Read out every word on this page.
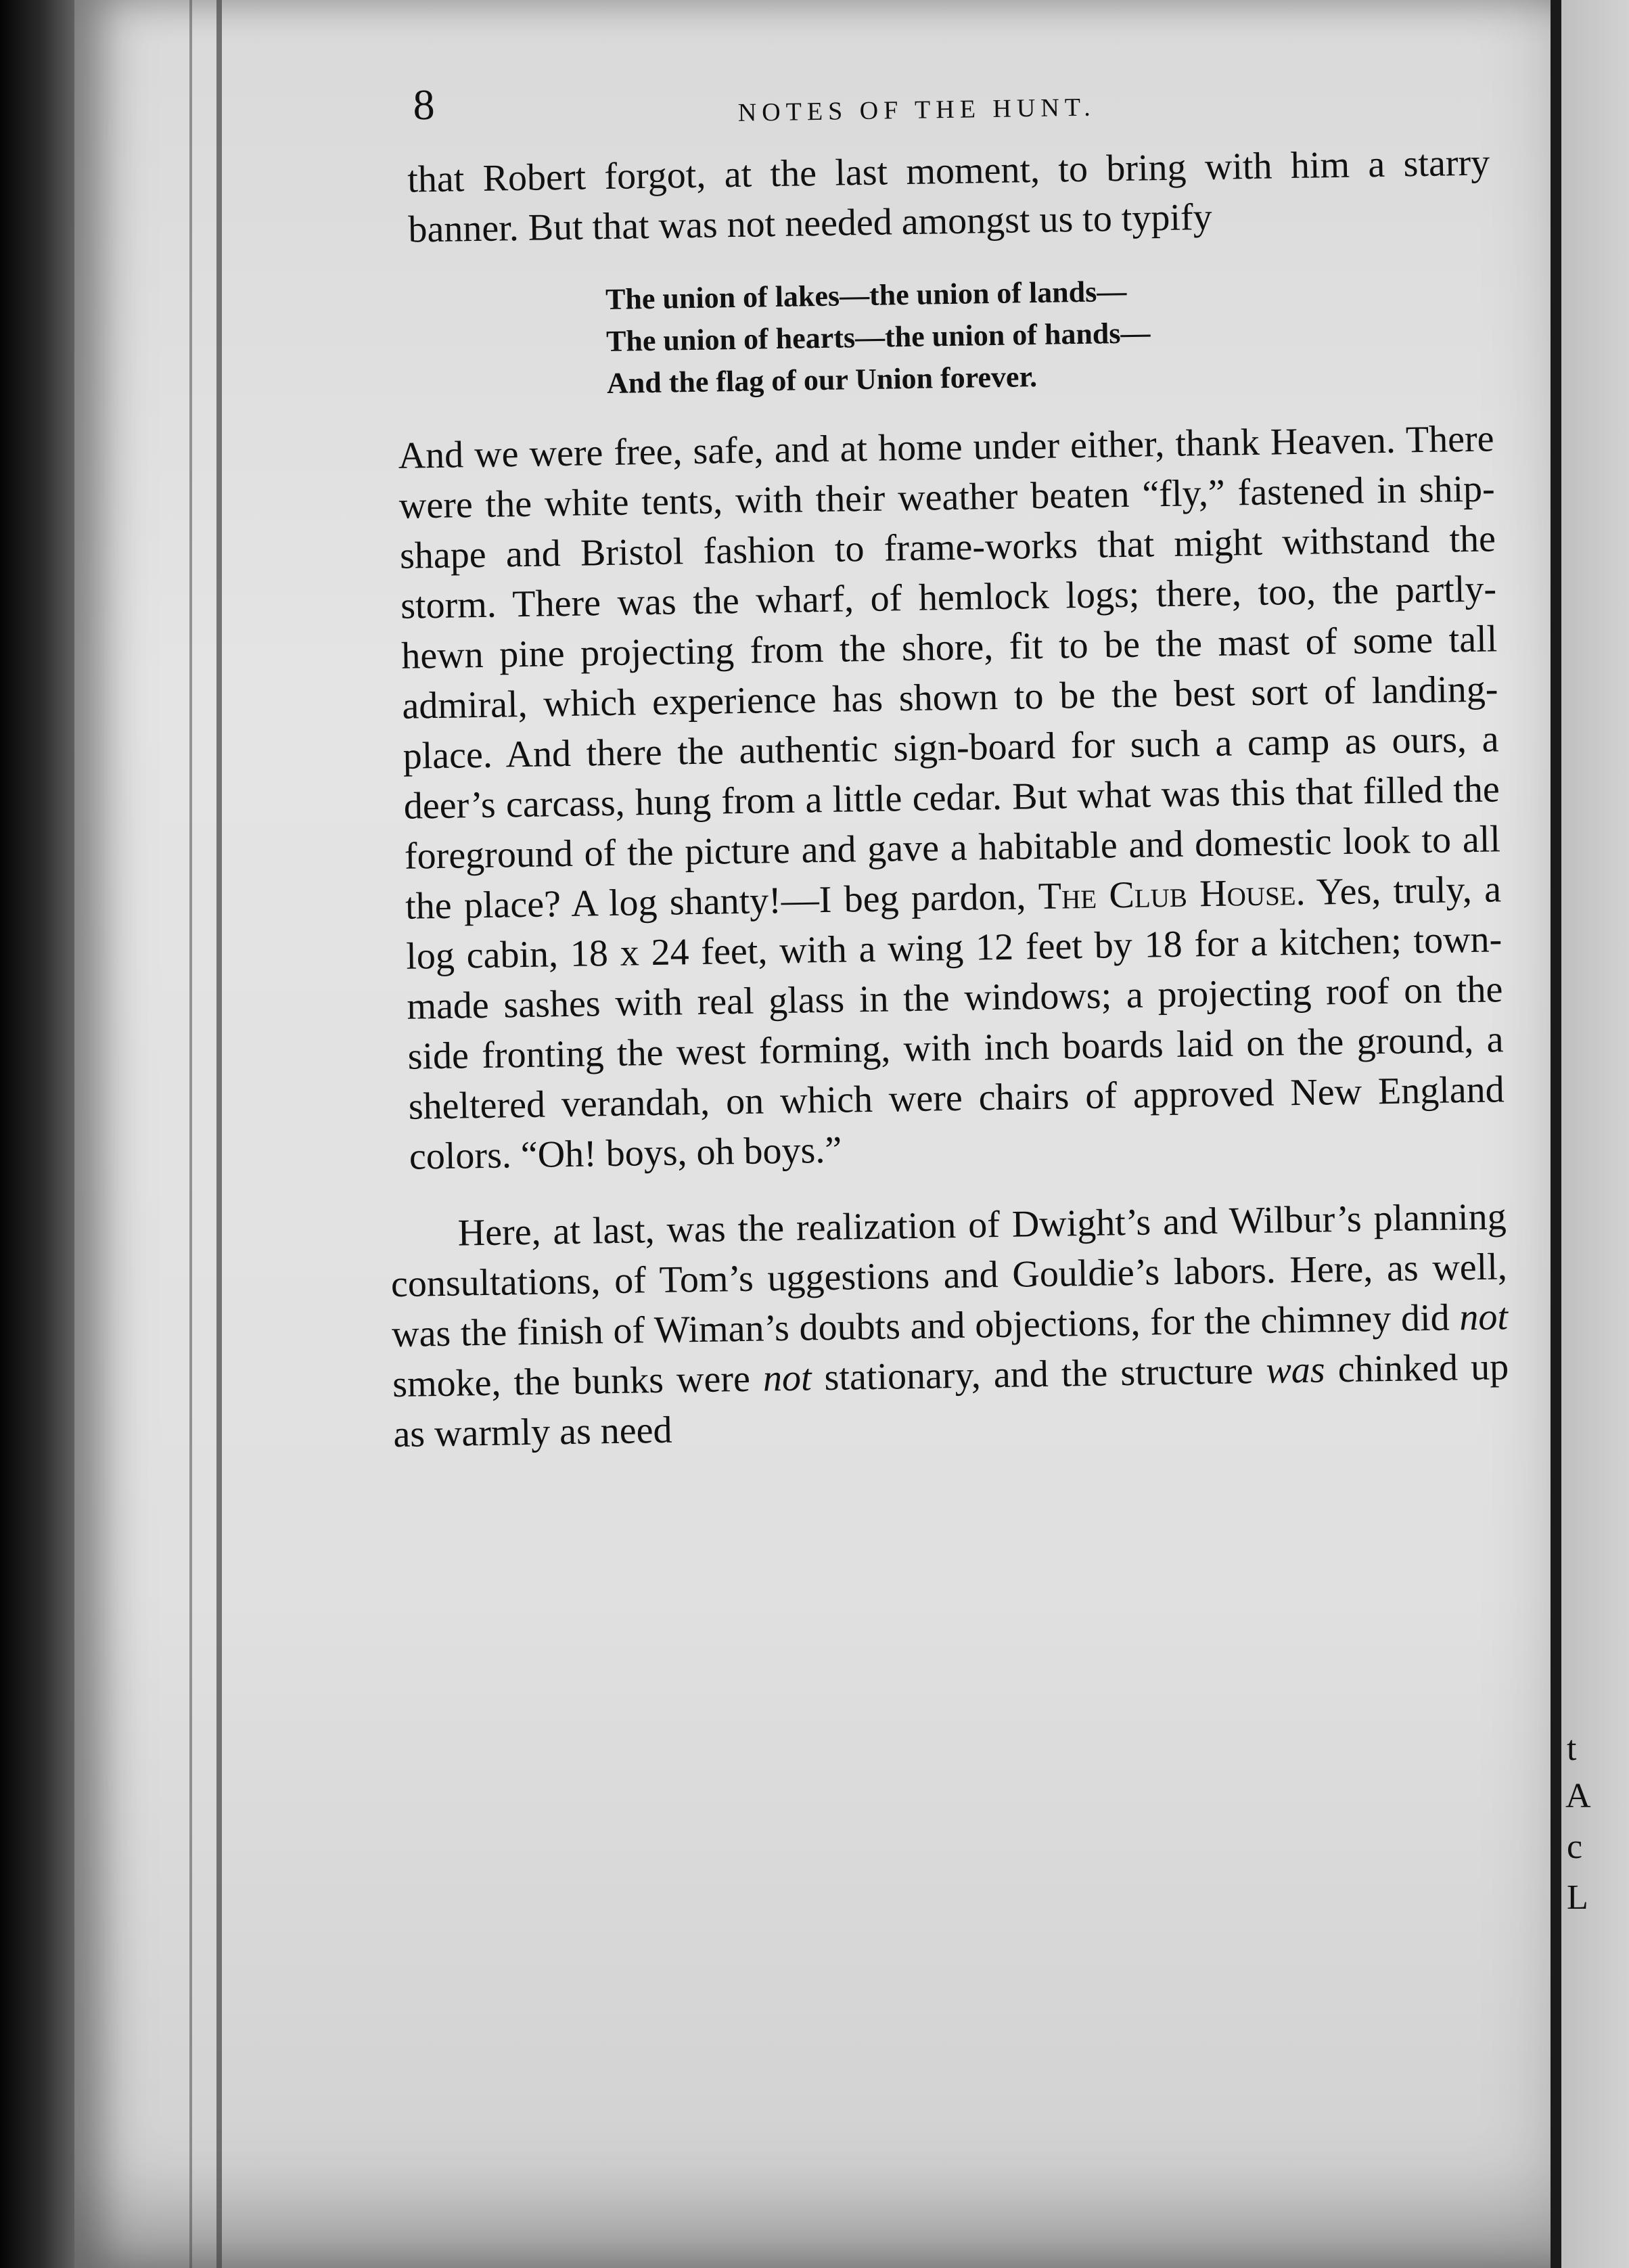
t
A
c
L
8	NOTES OF THE HUNT.

that Robert forgot, at the last moment, to bring with him a starry banner. But that was not needed amongst us to typify

The union of lakes—the union of lands—
The union of hearts—the union of hands—
And the flag of our Union forever.

And we were free, safe, and at home under either, thank Heaven. There were the white tents, with their weather beaten “fly,” fastened in ship-shape and Bristol fashion to frame-works that might withstand the storm. There was the wharf, of hemlock logs; there, too, the partly-hewn pine projecting from the shore, fit to be the mast of some tall admiral, which experience has shown to be the best sort of landing-place. And there the authentic sign-board for such a camp as ours, a deer’s carcass, hung from a little cedar. But what was this that filled the foreground of the picture and gave a habitable and domestic look to all the place? A log shanty!—I beg pardon, The Club House. Yes, truly, a log cabin, 18 x 24 feet, with a wing 12 feet by 18 for a kitchen; town-made sashes with real glass in the windows; a projecting roof on the side fronting the west forming, with inch boards laid on the ground, a sheltered verandah, on which were chairs of approved New England colors. “Oh! boys, oh boys.”

Here, at last, was the realization of Dwight’s and Wilbur’s planning consultations, of Tom’s uggestions and Gouldie’s labors. Here, as well, was the finish of Wiman’s doubts and objections, for the chimney did not smoke, the bunks were not stationary, and the structure was chinked up as warmly as need
